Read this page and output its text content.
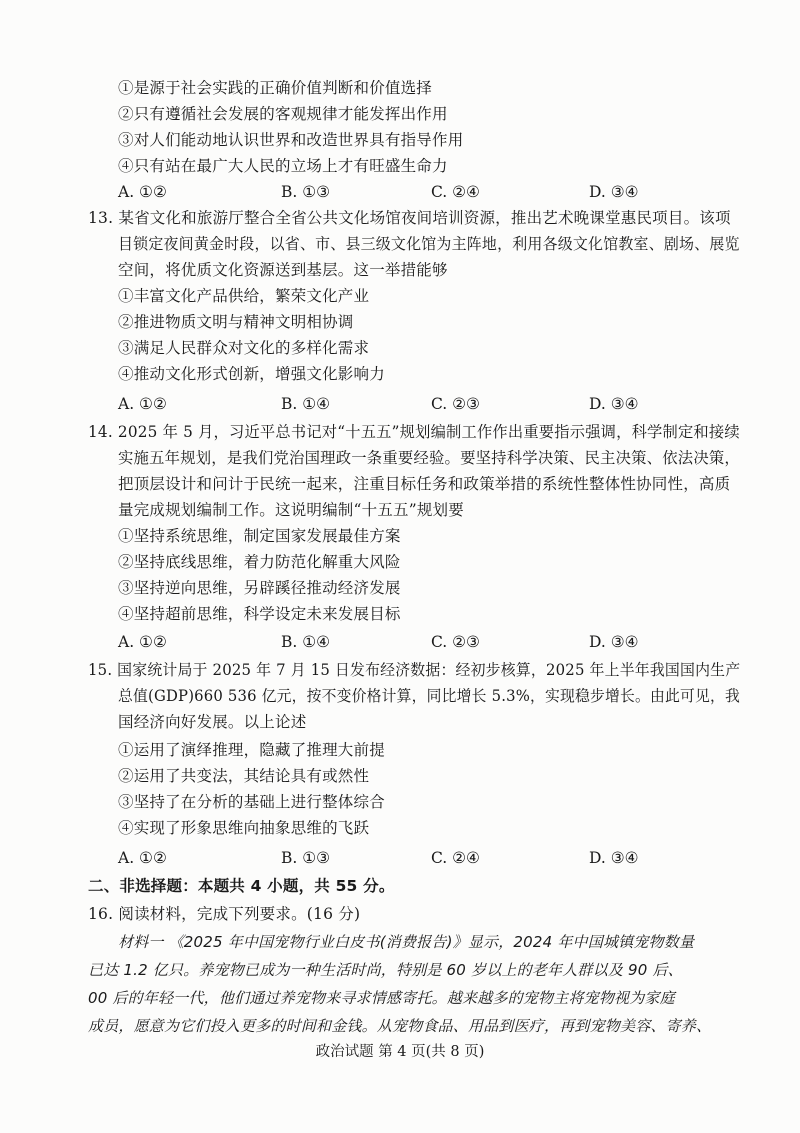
①是源于社会实践的正确价值判断和价值选择
②只有遵循社会发展的客观规律才能发挥出作用
③对人们能动地认识世界和改造世界具有指导作用
④只有站在最广大人民的立场上才有旺盛生命力
A. ①②	B. ①③	C. ②④	D. ③④
13. 某省文化和旅游厅整合全省公共文化场馆夜间培训资源，推出艺术晚课堂惠民项目。该项
目锁定夜间黄金时段，以省、市、县三级文化馆为主阵地，利用各级文化馆教室、剧场、展览
空间，将优质文化资源送到基层。这一举措能够
①丰富文化产品供给，繁荣文化产业
②推进物质文明与精神文明相协调
③满足人民群众对文化的多样化需求
④推动文化形式创新，增强文化影响力
A. ①②	B. ①④	C. ②③	D. ③④
14. 2025 年 5 月，习近平总书记对“十五五”规划编制工作作出重要指示强调，科学制定和接续
实施五年规划，是我们党治国理政一条重要经验。要坚持科学决策、民主决策、依法决策，
把顶层设计和问计于民统一起来，注重目标任务和政策举措的系统性整体性协同性，高质
量完成规划编制工作。这说明编制“十五五”规划要
①坚持系统思维，制定国家发展最佳方案
②坚持底线思维，着力防范化解重大风险
③坚持逆向思维，另辟蹊径推动经济发展
④坚持超前思维，科学设定未来发展目标
A. ①②	B. ①④	C. ②③	D. ③④
15. 国家统计局于 2025 年 7 月 15 日发布经济数据：经初步核算，2025 年上半年我国国内生产
总值(GDP)660 536 亿元，按不变价格计算，同比增长 5.3%，实现稳步增长。由此可见，我
国经济向好发展。以上论述
①运用了演绎推理，隐藏了推理大前提
②运用了共变法，其结论具有或然性
③坚持了在分析的基础上进行整体综合
④实现了形象思维向抽象思维的飞跃
A. ①②	B. ①③	C. ②④	D. ③④
二、非选择题：本题共 4 小题，共 55 分。
16. 阅读材料，完成下列要求。(16 分)
材料一 《2025 年中国宠物行业白皮书(消费报告)》显示，2024 年中国城镇宠物数量
已达 1.2 亿只。养宠物已成为一种生活时尚，特别是 60 岁以上的老年人群以及 90 后、
00 后的年轻一代，他们通过养宠物来寻求情感寄托。越来越多的宠物主将宠物视为家庭
成员，愿意为它们投入更多的时间和金钱。从宠物食品、用品到医疗，再到宠物美容、寄养、
政治试题 第 4 页(共 8 页)
